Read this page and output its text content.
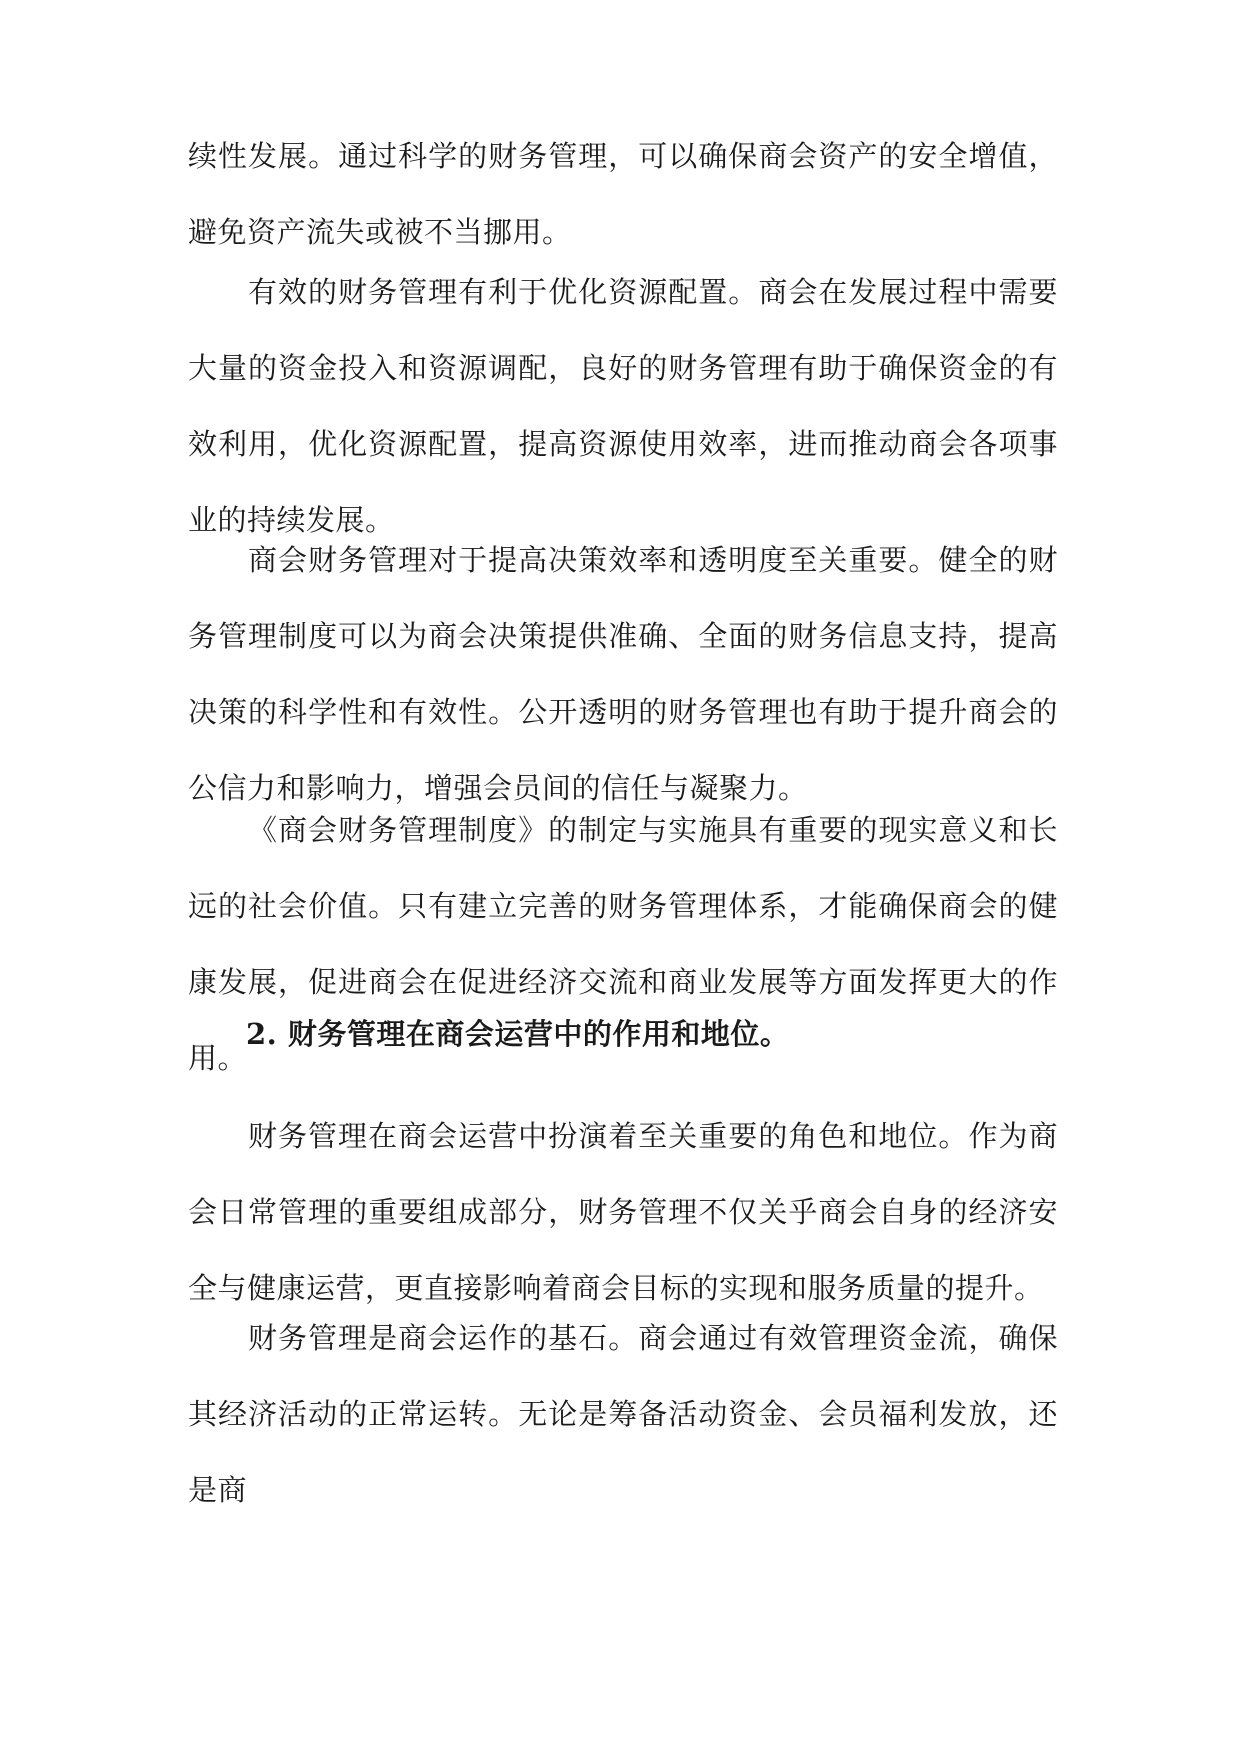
续性发展。通过科学的财务管理，可以确保商会资产的安全增值，避免资产流失或被不当挪用。

有效的财务管理有利于优化资源配置。商会在发展过程中需要大量的资金投入和资源调配，良好的财务管理有助于确保资金的有效利用，优化资源配置，提高资源使用效率，进而推动商会各项事业的持续发展。

商会财务管理对于提高决策效率和透明度至关重要。健全的财务管理制度可以为商会决策提供准确、全面的财务信息支持，提高决策的科学性和有效性。公开透明的财务管理也有助于提升商会的公信力和影响力，增强会员间的信任与凝聚力。

《商会财务管理制度》的制定与实施具有重要的现实意义和长远的社会价值。只有建立完善的财务管理体系，才能确保商会的健康发展，促进商会在促进经济交流和商业发展等方面发挥更大的作用。

2. 财务管理在商会运营中的作用和地位。

财务管理在商会运营中扮演着至关重要的角色和地位。作为商会日常管理的重要组成部分，财务管理不仅关乎商会自身的经济安全与健康运营，更直接影响着商会目标的实现和服务质量的提升。

财务管理是商会运作的基石。商会通过有效管理资金流，确保其经济活动的正常运转。无论是筹备活动资金、会员福利发放，还是商
